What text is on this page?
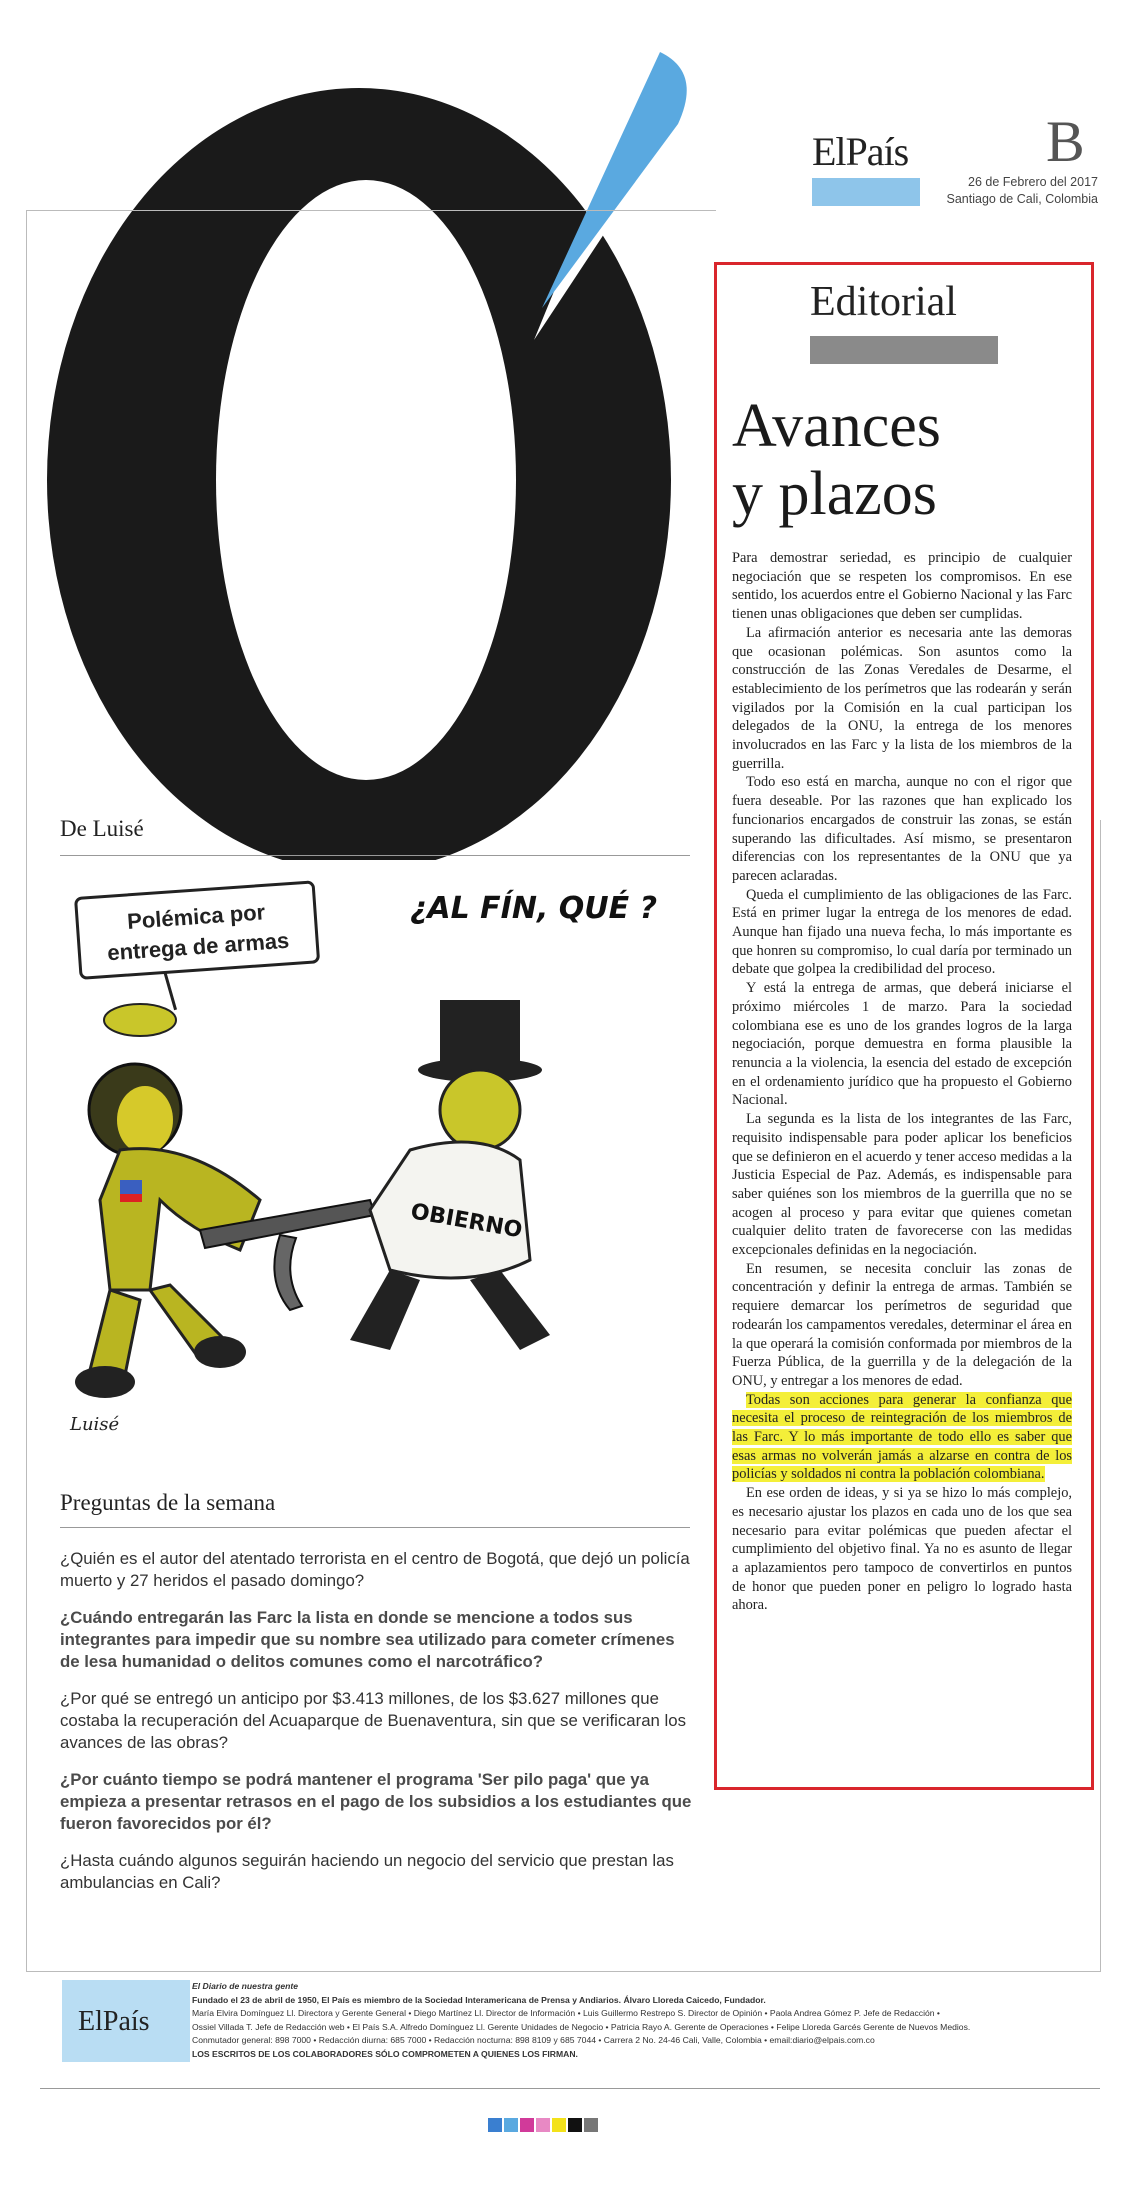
ElPaís B
26 de Febrero del 2017
Santiago de Cali, Colombia
Editorial
Avances
y plazos

Para demostrar seriedad, es principio de cualquier negociación que se respeten los compromisos. En ese sentido, los acuerdos entre el Gobierno Nacional y las Farc tienen unas obligaciones que deben ser cumplidas.

La afirmación anterior es necesaria ante las demoras que ocasionan polémicas. Son asuntos como la construcción de las Zonas Veredales de Desarme, el establecimiento de los perímetros que las rodearán y serán vigilados por la Comisión en la cual participan los delegados de la ONU, la entrega de los menores involucrados en las Farc y la lista de los miembros de la guerrilla.

Todo eso está en marcha, aunque no con el rigor que fuera deseable. Por las razones que han explicado los funcionarios encargados de construir las zonas, se están superando las dificultades. Así mismo, se presentaron diferencias con los representantes de la ONU que ya parecen aclaradas.

Queda el cumplimiento de las obligaciones de las Farc. Está en primer lugar la entrega de los menores de edad. Aunque han fijado una nueva fecha, lo más importante es que honren su compromiso, lo cual daría por terminado un debate que golpea la credibilidad del proceso.

Y está la entrega de armas, que deberá iniciarse el próximo miércoles 1 de marzo. Para la sociedad colombiana ese es uno de los grandes logros de la larga negociación, porque demuestra en forma plausible la renuncia a la violencia, la esencia del estado de excepción en el ordenamiento jurídico que ha propuesto el Gobierno Nacional.

La segunda es la lista de los integrantes de las Farc, requisito indispensable para poder aplicar los beneficios que se definieron en el acuerdo y tener acceso medidas a la Justicia Especial de Paz. Además, es indispensable para saber quiénes son los miembros de la guerrilla que no se acogen al proceso y para evitar que quienes cometan cualquier delito traten de favorecerse con las medidas excepcionales definidas en la negociación.

En resumen, se necesita concluir las zonas de concentración y definir la entrega de armas. También se requiere demarcar los perímetros de seguridad que rodearán los campamentos veredales, determinar el área en la que operará la comisión conformada por miembros de la Fuerza Pública, de la guerrilla y de la delegación de la ONU, y entregar a los menores de edad.

Todas son acciones para generar la confianza que necesita el proceso de reintegración de los miembros de las Farc. Y lo más importante de todo ello es saber que esas armas no volverán jamás a alzarse en contra de los policías y soldados ni contra la población colombiana.

En ese orden de ideas, y si ya se hizo lo más complejo, es necesario ajustar los plazos en cada uno de los que sea necesario para evitar polémicas que pueden afectar el cumplimiento del objetivo final. Ya no es asunto de llegar a aplazamientos pero tampoco de convertirlos en puntos de honor que pueden poner en peligro lo logrado hasta ahora.

De Luisé
Polémica por
entrega de armas
¿AL FÍN, QUÉ ?
OBIERNO
Luisé
Preguntas de la semana

¿Quién es el autor del atentado terrorista en el centro de Bogotá, que dejó un policía muerto y 27 heridos el pasado domingo?

¿Cuándo entregarán las Farc la lista en donde se mencione a todos sus integrantes para impedir que su nombre sea utilizado para cometer crímenes de lesa humanidad o delitos comunes como el narcotráfico?

¿Por qué se entregó un anticipo por $3.413 millones, de los $3.627 millones que costaba la recuperación del Acuaparque de Buenaventura, sin que se verificaran los avances de las obras?

¿Por cuánto tiempo se podrá mantener el programa 'Ser pilo paga' que ya empieza a presentar retrasos en el pago de los subsidios a los estudiantes que fueron favorecidos por él?

¿Hasta cuándo algunos seguirán haciendo un negocio del servicio que prestan las ambulancias en Cali?

ElPaís
El Diario de nuestra gente
Fundado el 23 de abril de 1950, El País es miembro de la Sociedad Interamericana de Prensa y Andiarios. Álvaro Lloreda Caicedo, Fundador.
María Elvira Domínguez Ll. Directora y Gerente General • Diego Martínez Ll. Director de Información • Luis Guillermo Restrepo S. Director de Opinión • Paola Andrea Gómez P. Jefe de Redacción •
Ossiel Villada T. Jefe de Redacción web • El País S.A. Alfredo Domínguez Ll. Gerente Unidades de Negocio • Patricia Rayo A. Gerente de Operaciones • Felipe Lloreda Garcés Gerente de Nuevos Medios.
Conmutador general: 898 7000 • Redacción diurna: 685 7000 • Redacción nocturna: 898 8109 y 685 7044 • Carrera 2 No. 24-46 Cali, Valle, Colombia • email:diario@elpais.com.co
LOS ESCRITOS DE LOS COLABORADORES SÓLO COMPROMETEN A QUIENES LOS FIRMAN.
